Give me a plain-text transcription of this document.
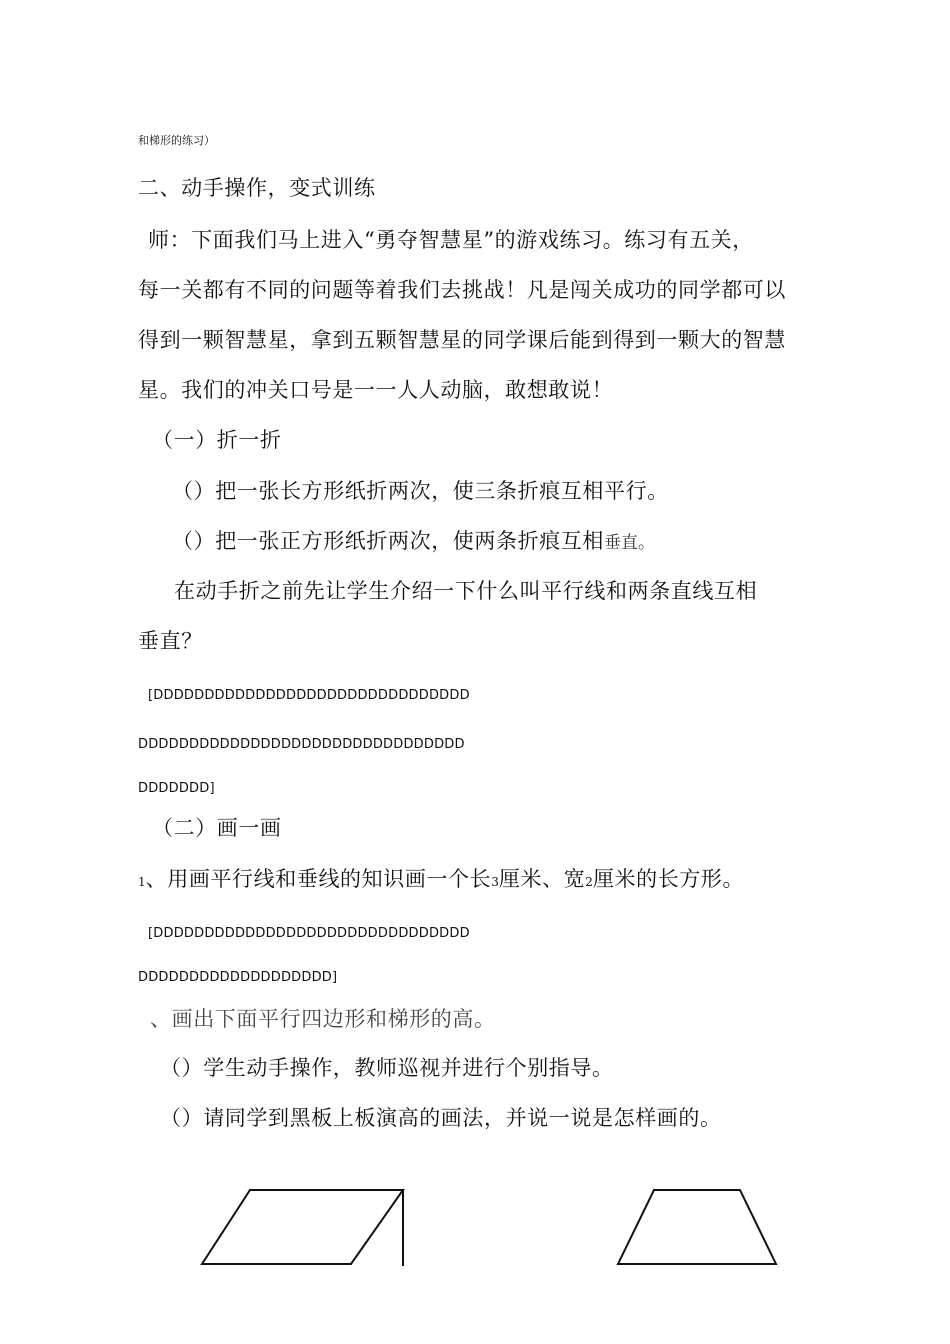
和梯形的练习）
二、动手操作，变式训练
师：下面我们马上进入“勇夺智慧星”的游戏练习。练习有五关，
每一关都有不同的问题等着我们去挑战！凡是闯关成功的同学都可以
得到一颗智慧星，拿到五颗智慧星的同学课后能到得到一颗大的智慧
星。我们的冲关口号是一一人人动脑，敢想敢说！
（一）折一折
（）把一张长方形纸折两次，使三条折痕互相平行。
（）把一张正方形纸折两次，使两条折痕互相垂直。
在动手折之前先让学生介绍一下什么叫平行线和两条直线互相
垂直？
[DDDDDDDDDDDDDDDDDDDDDDDDDDDDDDD
DDDDDDDDDDDDDDDDDDDDDDDDDDDDDDDD
DDDDDDD]
（二）画一画
1、用画平行线和垂线的知识画一个长3厘米、宽2厘米的长方形。
[DDDDDDDDDDDDDDDDDDDDDDDDDDDDDDD
DDDDDDDDDDDDDDDDDDD]
、画出下面平行四边形和梯形的高。
（）学生动手操作，教师巡视并进行个别指导。
（）请同学到黑板上板演高的画法，并说一说是怎样画的。
